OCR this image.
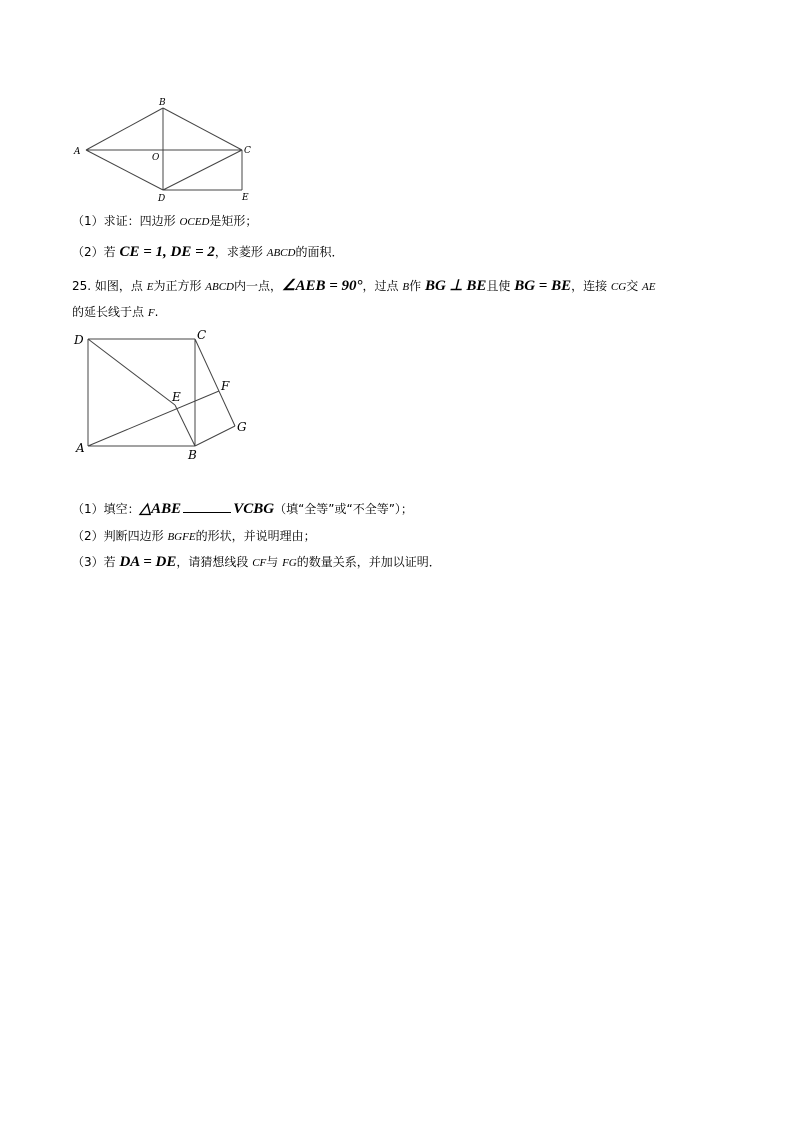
A
B
C
D	E
O
（1）求证：四边形 OCED是矩形；
（2）若 CE = 1, DE = 2，求菱形 ABCD的面积．
25. 如图，点 E为正方形 ABCD内一点，∠AEB = 90°，过点 B作 BG ⊥ BE且使 BG = BE，连接 CG交 AE
的延长线于点 F.
A	B
C
D
E
F
G
（1）填空：△ABE	VCBG（填“全等”或“不全等”）；
（2）判断四边形 BGFE的形状，并说明理由；
（3）若 DA = DE，请猜想线段 CF与 FG的数量关系，并加以证明．
